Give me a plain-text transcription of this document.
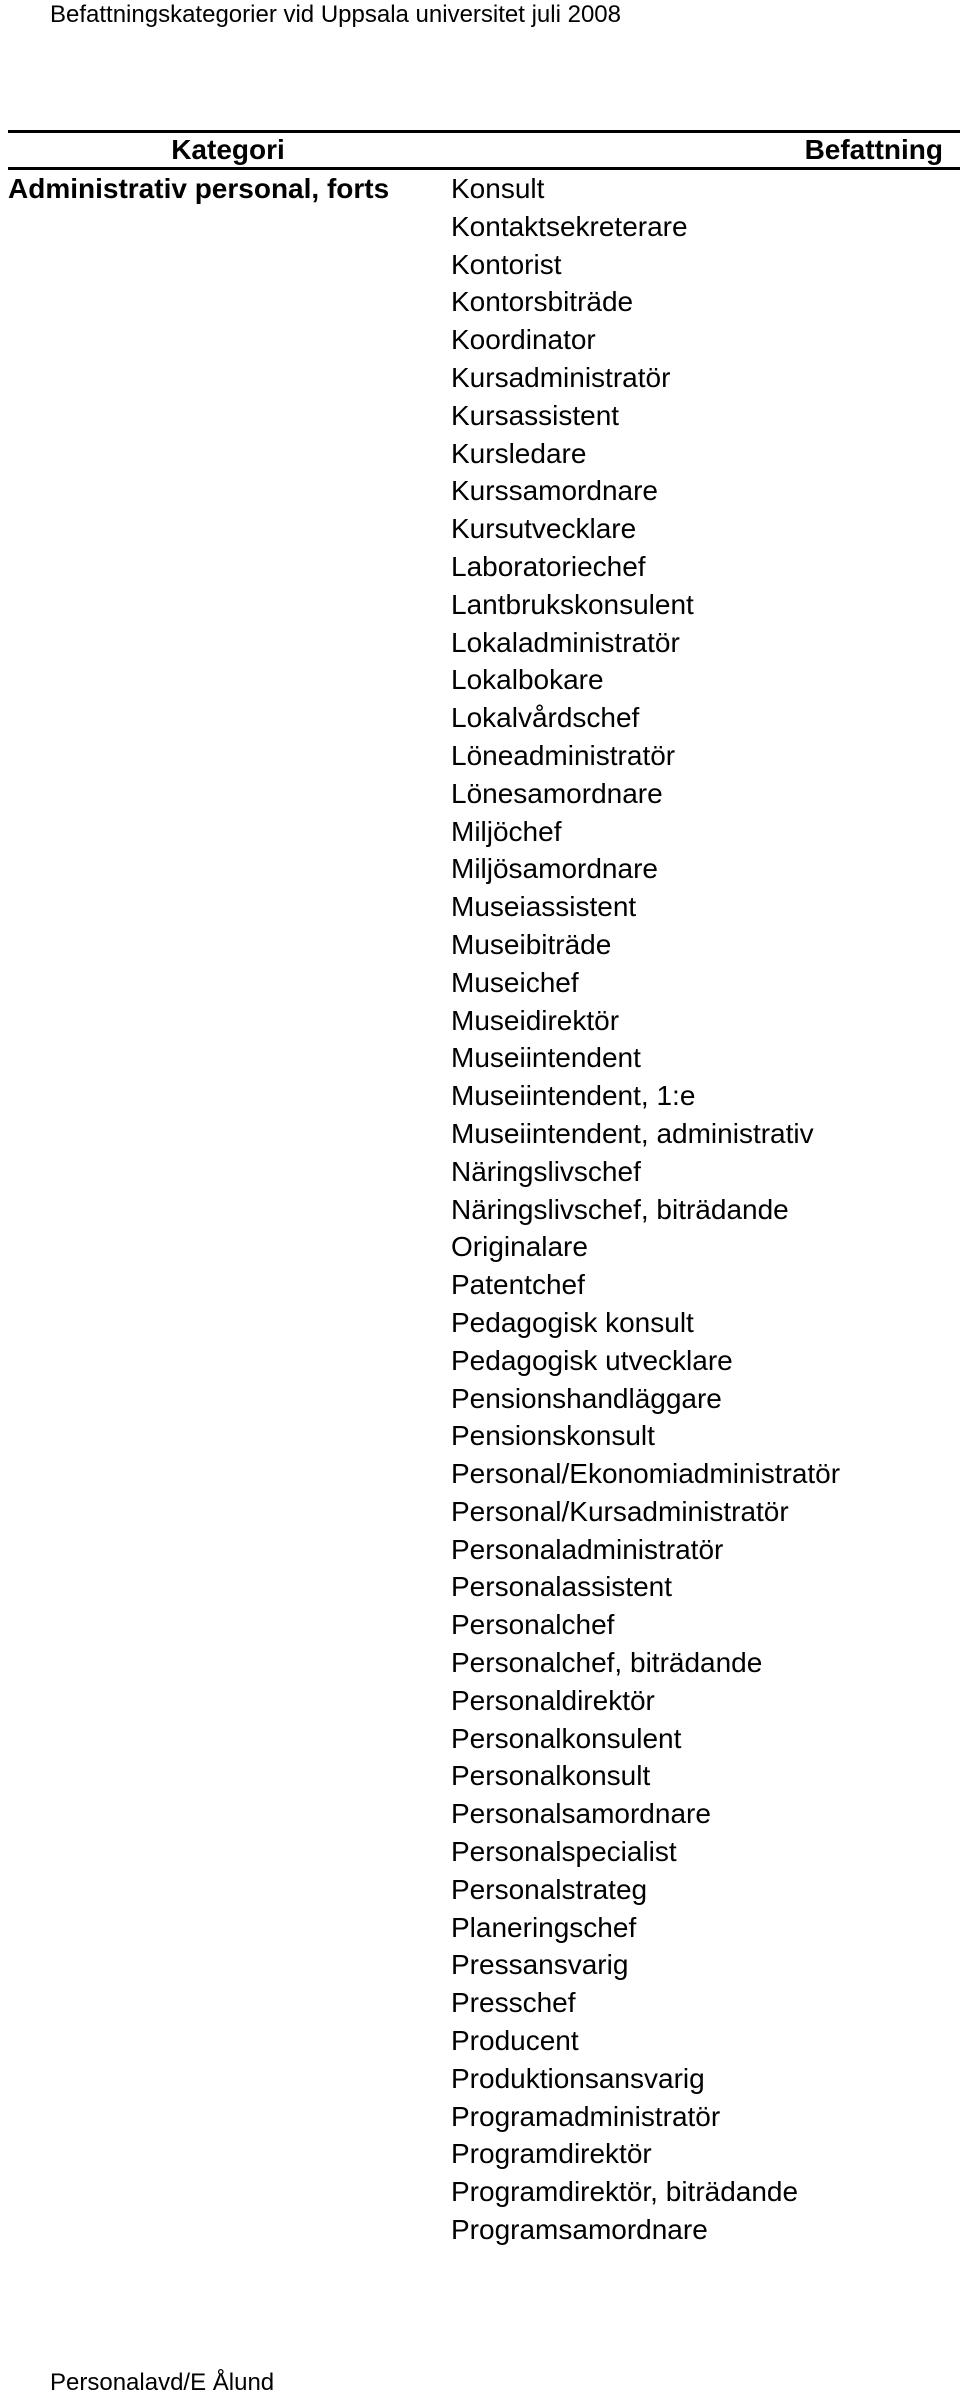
Befattningskategorier vid Uppsala universitet juli 2008
Kategori	Befattning
Administrativ personal, forts Konsult
Kontaktsekreterare
Kontorist
Kontorsbiträde
Koordinator
Kursadministratör
Kursassistent
Kursledare
Kurssamordnare
Kursutvecklare
Laboratoriechef
Lantbrukskonsulent
Lokaladministratör
Lokalbokare
Lokalvårdschef
Löneadministratör
Lönesamordnare
Miljöchef
Miljösamordnare
Museiassistent
Museibiträde
Museichef
Museidirektör
Museiintendent
Museiintendent, 1:e
Museiintendent, administrativ
Näringslivschef
Näringslivschef, biträdande
Originalare
Patentchef
Pedagogisk konsult
Pedagogisk utvecklare
Pensionshandläggare
Pensionskonsult
Personal/Ekonomiadministratör
Personal/Kursadministratör
Personaladministratör
Personalassistent
Personalchef
Personalchef, biträdande
Personaldirektör
Personalkonsulent
Personalkonsult
Personalsamordnare
Personalspecialist
Personalstrateg
Planeringschef
Pressansvarig
Presschef
Producent
Produktionsansvarig
Programadministratör
Programdirektör
Programdirektör, biträdande
Programsamordnare
Personalavd/E Ålund
